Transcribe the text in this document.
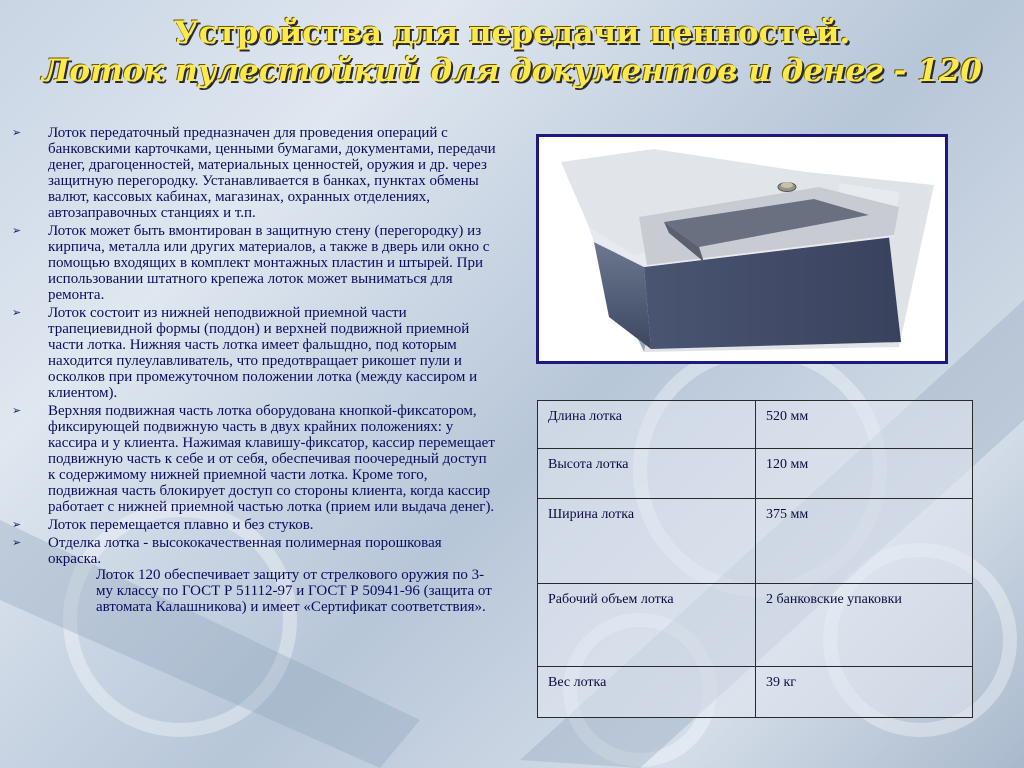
Устройства для передачи ценностей.
Лоток пулестойкий для документов и денег - 120
➢ Лоток передаточный предназначен для проведения операций с банковскими карточками, ценными бумагами, документами, передачи денег, драгоценностей, материальных ценностей, оружия и др. через защитную перегородку. Устанавливается в банках, пунктах обмены валют, кассовых кабинах, магазинах, охранных отделениях, автозаправочных станциях и т.п.
➢ Лоток может быть вмонтирован в защитную стену (перегородку) из кирпича, металла или других материалов, а также в дверь или окно с помощью входящих в комплект монтажных пластин и штырей. При использовании штатного крепежа лоток может выниматься для ремонта.
➢ Лоток состоит из нижней неподвижной приемной части трапециевидной формы (поддон) и верхней подвижной приемной части лотка. Нижняя часть лотка имеет фальшдно, под которым находится пулеулавливатель, что предотвращает рикошет пули и осколков при промежуточном положении лотка (между кассиром и клиентом).
➢ Верхняя подвижная часть лотка оборудована кнопкой-фиксатором, фиксирующей подвижную часть в двух крайних положениях: у кассира и у клиента. Нажимая клавишу-фиксатор, кассир перемещает подвижную часть к себе и от себя, обеспечивая поочередный доступ к содержимому нижней приемной части лотка. Кроме того, подвижная часть блокирует доступ со стороны клиента, когда кассир работает с нижней приемной частью лотка (прием или выдача денег).
➢ Лоток перемещается плавно и без стуков.
➢ Отделка лотка - высококачественная полимерная порошковая окраска.
Лоток 120 обеспечивает защиту от стрелкового оружия по 3-му классу по ГОСТ Р 51112-97 и ГОСТ Р 50941-96 (защита от автомата Калашникова) и имеет «Сертификат соответствия».
Длина лотка	520 мм
Высота лотка	120 мм
Ширина лотка	375 мм
Рабочий объем лотка	2 банковские упаковки
Вес лотка	39 кг
